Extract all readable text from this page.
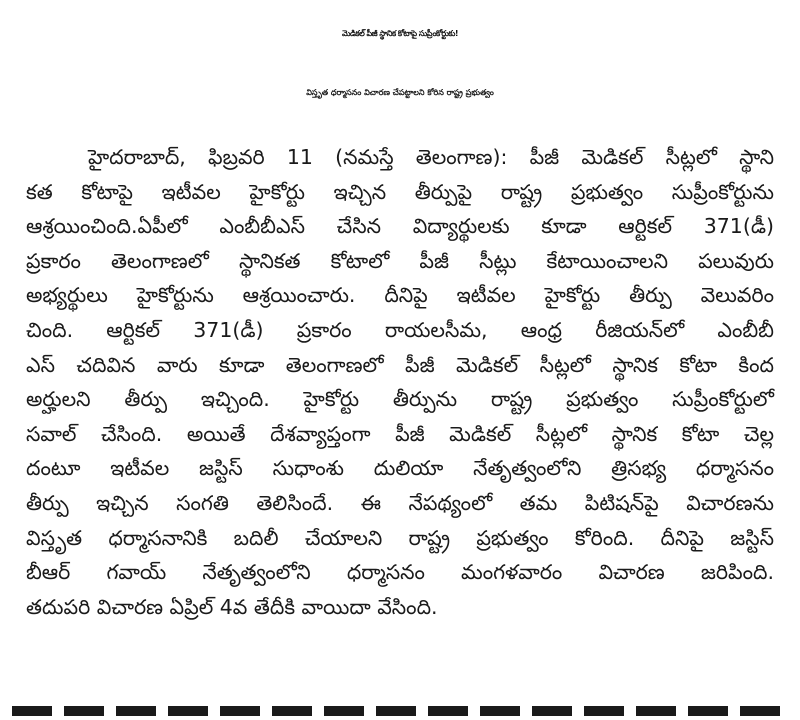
మెడికల్ పీజీ స్థానిక కోటాపై సుప్రీంకోర్టుకు!
విస్తృత ధర్మాసనం విచారణ చేపట్టాలని కోరిన రాష్ట్ర ప్రభుత్వం
హైదరాబాద్, ఫిబ్రవరి 11 (నమస్తే తెలంగాణ): పీజీ మెడికల్ సీట్లలో స్థాని
కత కోటాపై ఇటీవల హైకోర్టు ఇచ్చిన తీర్పుపై రాష్ట్ర ప్రభుత్వం సుప్రీంకోర్టును
ఆశ్రయించింది.ఏపీలో ఎంబీబీఎస్ చేసిన విద్యార్థులకు కూడా ఆర్టికల్ 371(డీ)
ప్రకారం తెలంగాణలో స్థానికత కోటాలో పీజీ సీట్లు కేటాయించాలని పలువురు
అభ్యర్థులు హైకోర్టును ఆశ్రయించారు. దీనిపై ఇటీవల హైకోర్టు తీర్పు వెలువరిం
చింది. ఆర్టికల్ 371(డీ) ప్రకారం రాయలసీమ, ఆంధ్ర రీజియన్‌లో ఎంబీబీ
ఎస్ చదివిన వారు కూడా తెలంగాణలో పీజీ మెడికల్ సీట్లలో స్థానిక కోటా కింద
అర్హులని తీర్పు ఇచ్చింది. హైకోర్టు తీర్పును రాష్ట్ర ప్రభుత్వం సుప్రీంకోర్టులో
సవాల్ చేసింది. అయితే దేశవ్యాప్తంగా పీజీ మెడికల్ సీట్లలో స్థానిక కోటా చెల్ల
దంటూ ఇటీవల జస్టిస్ సుధాంశు దులియా నేతృత్వంలోని త్రిసభ్య ధర్మాసనం
తీర్పు ఇచ్చిన సంగతి తెలిసిందే. ఈ నేపథ్యంలో తమ పిటిషన్‌పై విచారణను
విస్తృత ధర్మాసనానికి బదిలీ చేయాలని రాష్ట్ర ప్రభుత్వం కోరింది. దీనిపై జస్టిస్
బీఆర్ గవాయ్ నేతృత్వంలోని ధర్మాసనం మంగళవారం విచారణ జరిపింది.
తదుపరి విచారణ ఏప్రిల్ 4వ తేదీకి వాయిదా వేసింది.
